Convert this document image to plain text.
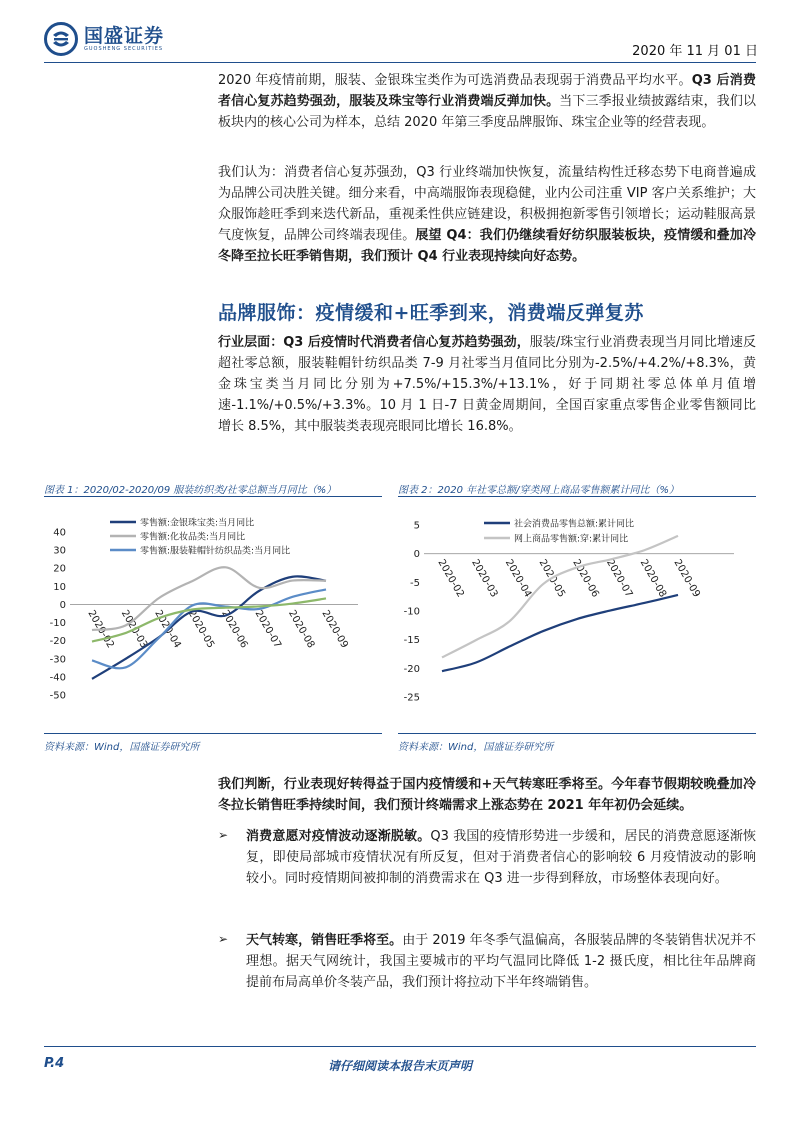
国盛证券
GUOSHENG SECURITIES	2020 年 11 月 01 日
2020 年疫情前期，服装、金银珠宝类作为可选消费品表现弱于消费品平均水平。Q3 后消费者信心复苏趋势强劲，服装及珠宝等行业消费端反弹加快。当下三季报业绩披露结束，我们以板块内的核心公司为样本，总结 2020 年第三季度品牌服饰、珠宝企业等的经营表现。
我们认为：消费者信心复苏强劲，Q3 行业终端加快恢复，流量结构性迁移态势下电商普遍成为品牌公司决胜关键。细分来看，中高端服饰表现稳健，业内公司注重 VIP 客户关系维护；大众服饰趁旺季到来迭代新品，重视柔性供应链建设，积极拥抱新零售引领增长；运动鞋服高景气度恢复，品牌公司终端表现佳。展望 Q4：我们仍继续看好纺织服装板块，疫情缓和叠加冷冬降至拉长旺季销售期，我们预计 Q4 行业表现持续向好态势。
品牌服饰：疫情缓和+旺季到来，消费端反弹复苏
行业层面：Q3 后疫情时代消费者信心复苏趋势强劲，服装/珠宝行业消费表现当月同比增速反超社零总额，服装鞋帽针纺织品类 7-9 月社零当月值同比分别为-2.5%/+4.2%/+8.3%，黄金珠宝类当月同比分别为+7.5%/+15.3%/+13.1%，好于同期社零总体单月值增速-1.1%/+0.5%/+3.3%。10 月 1 日-7 日黄金周期间，全国百家重点零售企业零售额同比增长 8.5%，其中服装类表现亮眼同比增长 16.8%。
图表 1：2020/02-2020/09 服装纺织类/社零总额当月同比（%）	图表 2：2020 年社零总额/穿类网上商品零售额累计同比（%）
40
30
20
10
0
-10
-20
-30
-40
-50
2020-02 2020-03 2020-04 2020-05 2020-06 2020-07 2020-08 2020-09
零售额:金银珠宝类:当月同比
零售额:化妆品类:当月同比
零售额:服装鞋帽针纺织品类:当月同比
5
0
-5
-10
-15
-20
-25
2020-02 2020-03 2020-04 2020-05 2020-06 2020-07 2020-08 2020-09
社会消费品零售总额:累计同比
网上商品零售额:穿:累计同比
资料来源：Wind，国盛证券研究所	资料来源：Wind，国盛证券研究所
我们判断，行业表现好转得益于国内疫情缓和+天气转寒旺季将至。今年春节假期较晚叠加冷冬拉长销售旺季持续时间，我们预计终端需求上涨态势在 2021 年年初仍会延续。
➢ 消费意愿对疫情波动逐渐脱敏。Q3 我国的疫情形势进一步缓和，居民的消费意愿逐渐恢复，即使局部城市疫情状况有所反复，但对于消费者信心的影响较 6 月疫情波动的影响较小。同时疫情期间被抑制的消费需求在 Q3 进一步得到释放，市场整体表现向好。
➢ 天气转寒，销售旺季将至。由于 2019 年冬季气温偏高，各服装品牌的冬装销售状况并不理想。据天气网统计，我国主要城市的平均气温同比降低 1-2 摄氏度，相比往年品牌商提前布局高单价冬装产品，我们预计将拉动下半年终端销售。
P.4	请仔细阅读本报告末页声明
